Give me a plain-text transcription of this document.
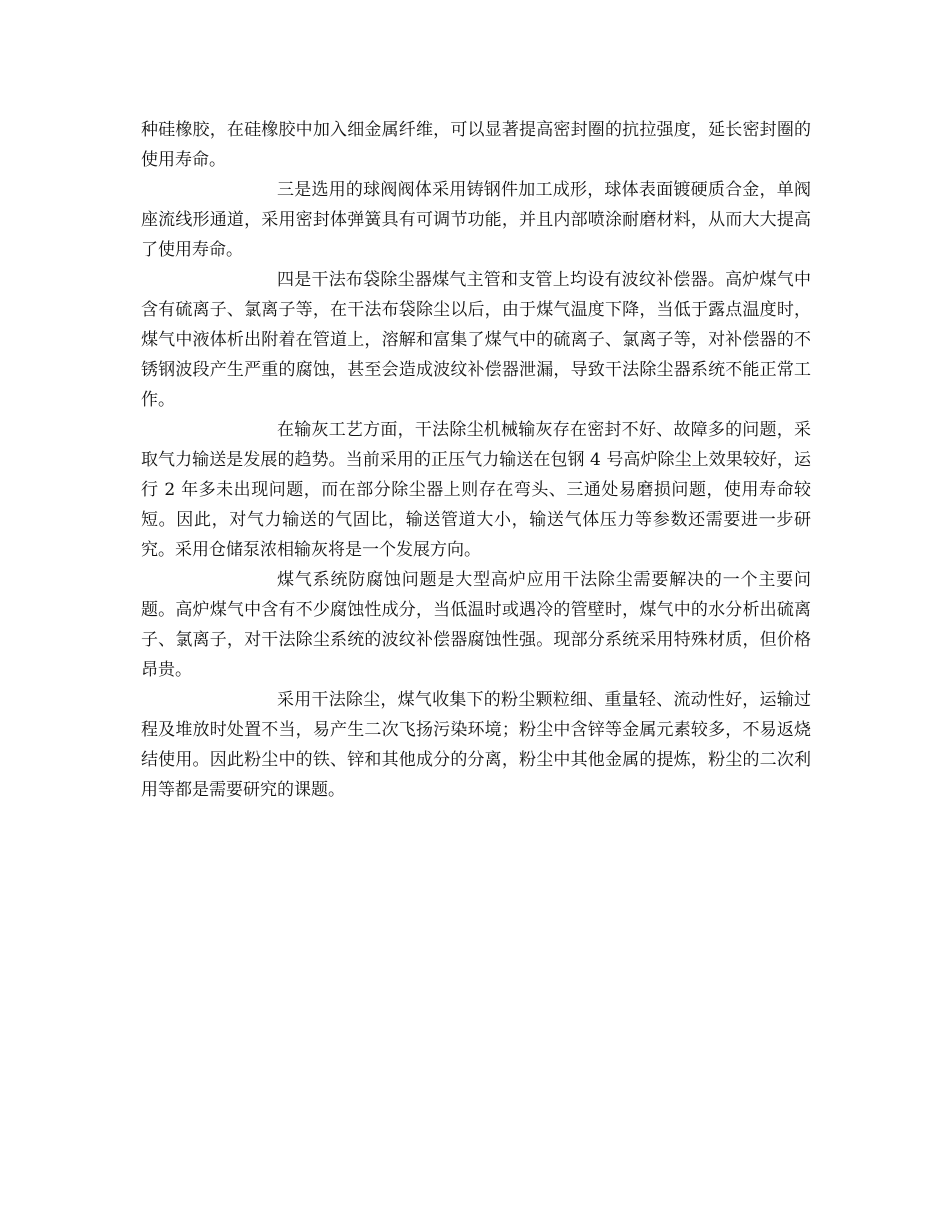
种硅橡胶，在硅橡胶中加入细金属纤维，可以显著提高密封圈的抗拉强度，延长密封圈的使用寿命。

三是选用的球阀阀体采用铸钢件加工成形，球体表面镀硬质合金，单阀座流线形通道，采用密封体弹簧具有可调节功能，并且内部喷涂耐磨材料，从而大大提高了使用寿命。

四是干法布袋除尘器煤气主管和支管上均设有波纹补偿器。高炉煤气中含有硫离子、氯离子等，在干法布袋除尘以后，由于煤气温度下降，当低于露点温度时，煤气中液体析出附着在管道上，溶解和富集了煤气中的硫离子、氯离子等，对补偿器的不锈钢波段产生严重的腐蚀，甚至会造成波纹补偿器泄漏，导致干法除尘器系统不能正常工作。

在输灰工艺方面，干法除尘机械输灰存在密封不好、故障多的问题，采取气力输送是发展的趋势。当前采用的正压气力输送在包钢 4 号高炉除尘上效果较好，运行 2 年多未出现问题，而在部分除尘器上则存在弯头、三通处易磨损问题，使用寿命较短。因此，对气力输送的气固比，输送管道大小，输送气体压力等参数还需要进一步研究。采用仓储泵浓相输灰将是一个发展方向。

煤气系统防腐蚀问题是大型高炉应用干法除尘需要解决的一个主要问题。高炉煤气中含有不少腐蚀性成分，当低温时或遇冷的管壁时，煤气中的水分析出硫离子、氯离子，对干法除尘系统的波纹补偿器腐蚀性强。现部分系统采用特殊材质，但价格昂贵。

采用干法除尘，煤气收集下的粉尘颗粒细、重量轻、流动性好，运输过程及堆放时处置不当，易产生二次飞扬污染环境；粉尘中含锌等金属元素较多，不易返烧结使用。因此粉尘中的铁、锌和其他成分的分离，粉尘中其他金属的提炼，粉尘的二次利用等都是需要研究的课题。
